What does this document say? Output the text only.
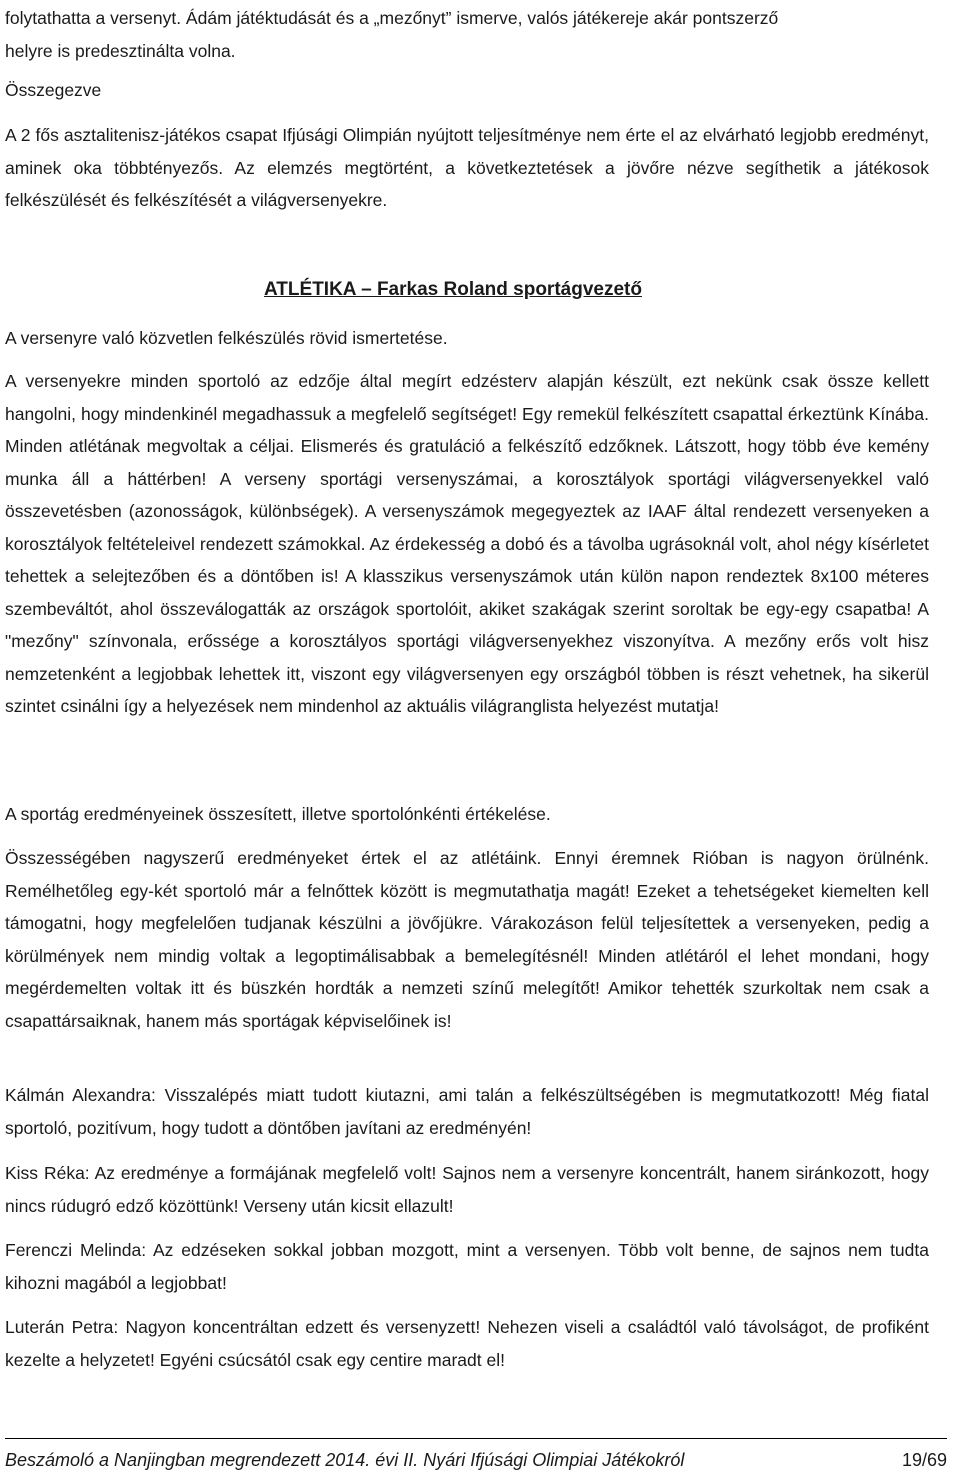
folytathatta a versenyt. Ádám játéktudását és a „mezőnyt” ismerve, valós játékereje akár pontszerző
helyre is predesztinálta volna.

Összegezve

A 2 fős asztalitenisz-játékos csapat Ifjúsági Olimpián nyújtott teljesítménye nem érte el az elvárható legjobb eredményt, aminek oka többtényezős. Az elemzés megtörtént, a következtetések a jövőre nézve segíthetik a játékosok felkészülését és felkészítését a világversenyekre.

A versenyre való közvetlen felkészülés rövid ismertetése.

A versenyekre minden sportoló az edzője által megírt edzésterv alapján készült, ezt nekünk csak össze kellett hangolni, hogy mindenkinél megadhassuk a megfelelő segítséget! Egy remekül felkészített csapattal érkeztünk Kínába. Minden atlétának megvoltak a céljai. Elismerés és gratuláció a felkészítő edzőknek. Látszott, hogy több éve kemény munka áll a háttérben! A verseny sportági versenyszámai, a korosztályok sportági világversenyekkel való összevetésben (azonosságok, különbségek). A versenyszámok megegyeztek az IAAF által rendezett versenyeken a korosztályok feltételeivel rendezett számokkal. Az érdekesség a dobó és a távolba ugrásoknál volt, ahol négy kísérletet tehettek a selejtezőben és a döntőben is! A klasszikus versenyszámok után külön napon rendeztek 8x100 méteres szembeváltót, ahol összeválogatták az országok sportolóit, akiket szakágak szerint soroltak be egy-egy csapatba! A "mezőny" színvonala, erőssége a korosztályos sportági világversenyekhez viszonyítva. A mezőny erős volt hisz nemzetenként a legjobbak lehettek itt, viszont egy világversenyen egy országból többen is részt vehetnek, ha sikerül szintet csinálni így a helyezések nem mindenhol az aktuális világranglista helyezést mutatja!

A sportág eredményeinek összesített, illetve sportolónkénti értékelése.

Összességében nagyszerű eredményeket értek el az atlétáink. Ennyi éremnek Rióban is nagyon örülnénk. Remélhetőleg egy-két sportoló már a felnőttek között is megmutathatja magát! Ezeket a tehetségeket kiemelten kell támogatni, hogy megfelelően tudjanak készülni a jövőjükre. Várakozáson felül teljesítettek a versenyeken, pedig a körülmények nem mindig voltak a legoptimálisabbak a bemelegítésnél! Minden atlétáról el lehet mondani, hogy megérdemelten voltak itt és büszkén hordták a nemzeti színű melegítőt! Amikor tehették szurkoltak nem csak a csapattársaiknak, hanem más sportágak képviselőinek is!

Kálmán Alexandra: Visszalépés miatt tudott kiutazni, ami talán a felkészültségében is megmutatkozott! Még fiatal sportoló, pozitívum, hogy tudott a döntőben javítani az eredményén!

Kiss Réka: Az eredménye a formájának megfelelő volt! Sajnos nem a versenyre koncentrált, hanem siránkozott, hogy nincs rúdugró edző közöttünk! Verseny után kicsit ellazult!

Ferenczi Melinda: Az edzéseken sokkal jobban mozgott, mint a versenyen. Több volt benne, de sajnos nem tudta kihozni magából a legjobbat!

Luterán Petra: Nagyon koncentráltan edzett és versenyzett! Nehezen viseli a családtól való távolságot, de profiként kezelte a helyzetet! Egyéni csúcsától csak egy centire maradt el!

ATLÉTIKA – Farkas Roland sportágvezető
Beszámoló a Nanjingban megrendezett 2014. évi II. Nyári Ifjúsági Olimpiai Játékokról	19/69
